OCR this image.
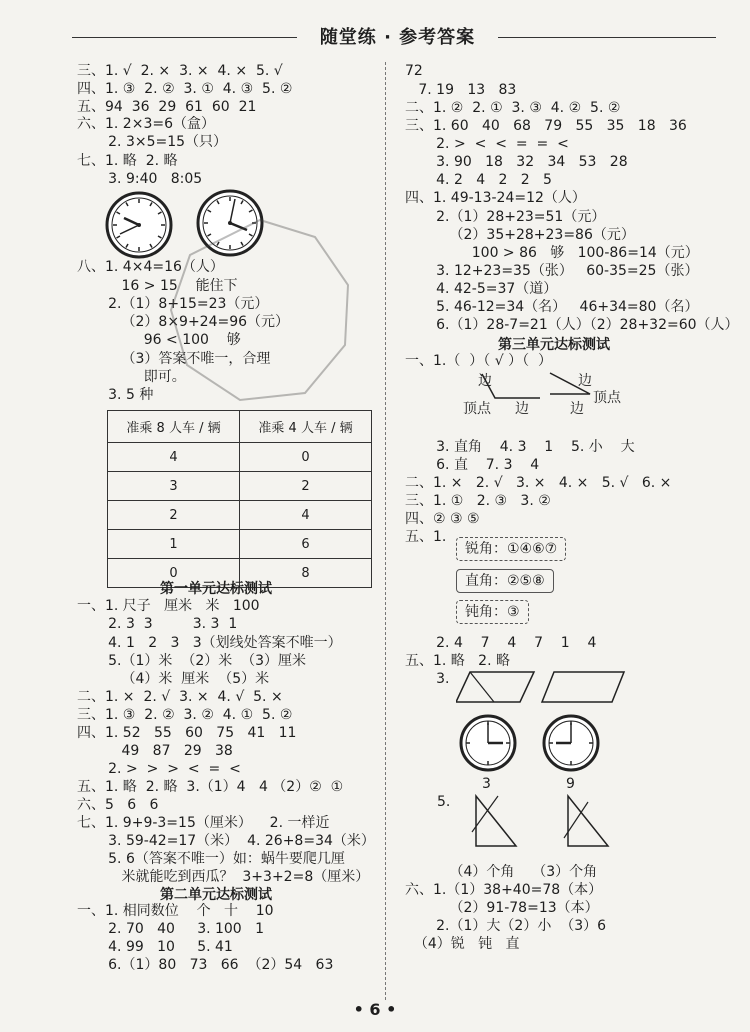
随堂练 · 参考答案
三、1. √  2. ×  3. ×  4. ×  5. √
四、1. ③  2. ②  3. ①  4. ③  5. ②
五、94  36  29  61  60  21
六、1. 2×3=6（盒）
2. 3×5=15（只）
七、1. 略  2. 略
3. 9:40   8:05
八、1. 4×4=16（人）
16 > 15    能住下
2.（1）8+15=23（元）
（2）8×9+24=96（元）
96 < 100    够
（3）答案不唯一，合理
即可。
3. 5 种
准乘 8 人车 / 辆	准乘 4 人车 / 辆
4	0
3	2
2	4
1	6
0	8
第一单元达标测试
一、1. 尺子   厘米   米   100
2. 3  3         3. 3  1
4. 1   2   3   3（划线处答案不唯一）
5.（1）米  （2）米  （3）厘米
（4）米  厘米  （5）米
二、1. ×  2. √  3. ×  4. √  5. ×
三、1. ③  2. ②  3. ②  4. ①  5. ②
四、1. 52   55   60   75   41   11
49   87   29   38
2. >  >  >  <  =  <
五、1. 略  2. 略  3.（1）4   4 （2）②  ①
六、5   6   6
七、1. 9+9-3=15（厘米）    2. 一样近
3. 59-42=17（米）  4. 26+8=34（米）
5. 6（答案不唯一）如：蜗牛要爬几厘
米就能吃到西瓜？  3+3+2=8（厘米）
第二单元达标测试
一、1. 相同数位    个   十    10
2. 70   40     3. 100   1
4. 99   10     5. 41
6.（1）80   73   66  （2）54   63
72
7. 19   13   83
二、1. ②  2. ①  3. ③  4. ②  5. ②
三、1. 60   40   68   79   55   35   18   36
2. >  <  <  =  =  <
3. 90   18   32   34   53   28
4. 2   4   2   2   5
四、1. 49-13-24=12（人）
2.（1）28+23=51（元）
（2）35+28+23=86（元）
100 > 86   够   100-86=14（元）
3. 12+23=35（张）   60-35=25（张）
4. 42-5=37（道）
5. 46-12=34（名）   46+34=80（名）
6.（1）28-7=21（人）（2）28+32=60（人）
第三单元达标测试
一、1.（  ）（ √ ）（  ）
边
顶点 边
边
顶点
边
3. 直角    4. 3    1    5. 小    大
6. 直    7. 3    4
二、1. ×   2. √   3. ×   4. ×   5. √   6. ×
三、1. ①   2. ③   3. ②
四、② ③ ⑤
五、1.
锐角：①④⑥⑦
直角：②⑤⑧
钝角：③
2. 4    7    4    7    1    4
五、1. 略   2. 略
3.
3	9
5.
（4）个角    （3）个角
六、1.（1）38+40=78（本）
（2）91-78=13（本）
2.（1）大（2）小  （3）6
（4）锐   钝   直
• 6 •
